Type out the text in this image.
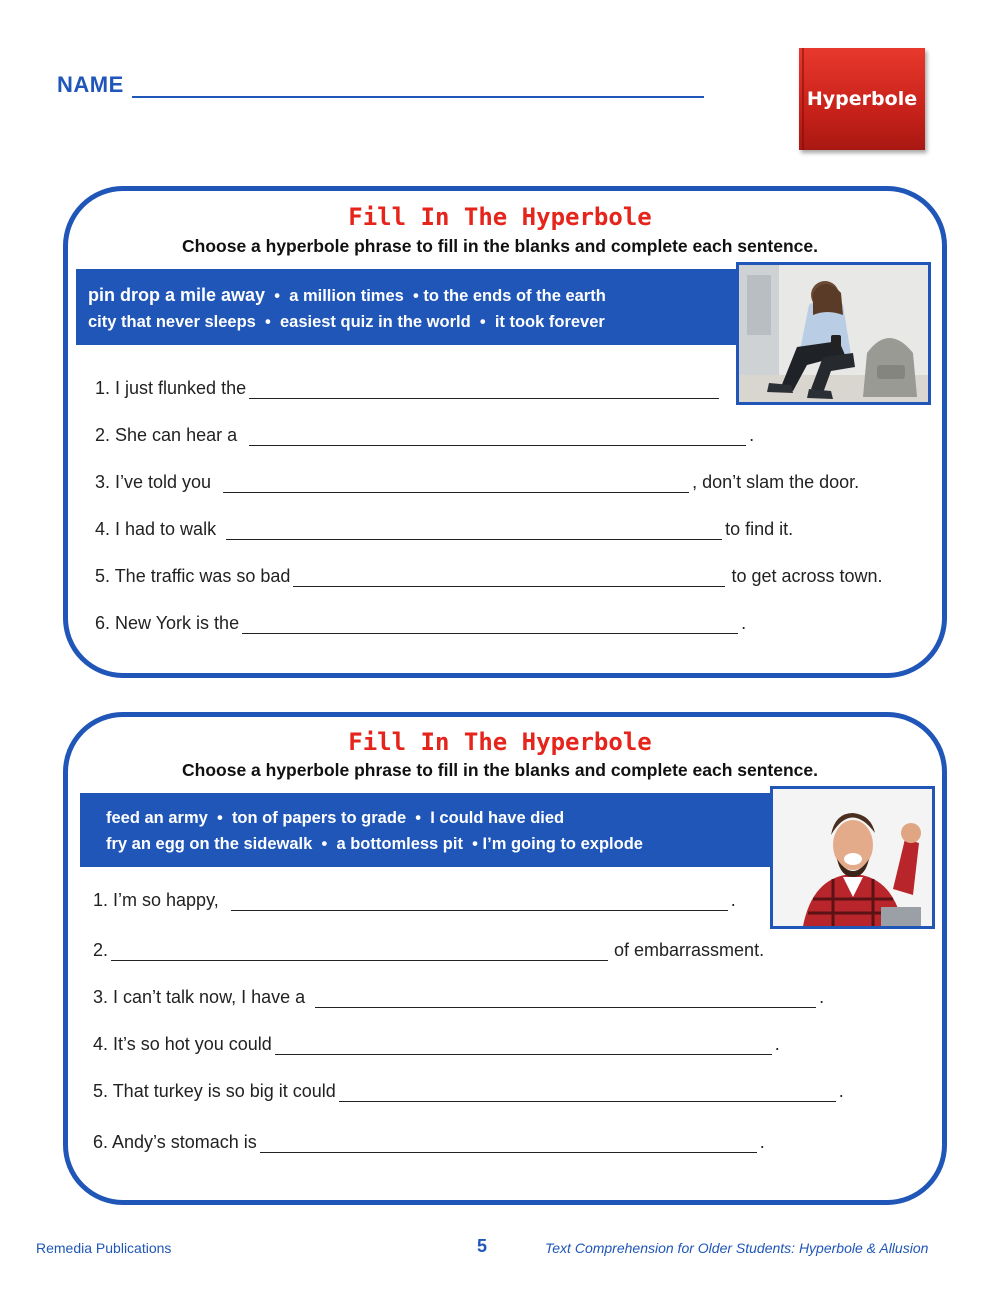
NAME
Hyperbole
Fill In The Hyperbole
Choose a hyperbole phrase to fill in the blanks and complete each sentence.
pin drop a mile away  •  a million times  • to the ends of the earth
city that never sleeps  •  easiest quiz in the world  •  it took forever
1. I just flunked the
2. She can hear a	.
3. I’ve told you	, don’t slam the door.
4. I had to walk	to find it.
5. The traffic was so bad	to get across town.
6. New York is the	.
Fill In The Hyperbole
Choose a hyperbole phrase to fill in the blanks and complete each sentence.
feed an army  •  ton of papers to grade  •  I could have died
fry an egg on the sidewalk  •  a bottomless pit  • I’m going to explode
1. I’m so happy,	.
2.	of embarrassment.
3. I can’t talk now, I have a	.
4. It’s so hot you could	.
5. That turkey is so big it could	.
6. Andy’s stomach is	.
Remedia Publications	5	Text Comprehension for Older Students: Hyperbole & Allusion
